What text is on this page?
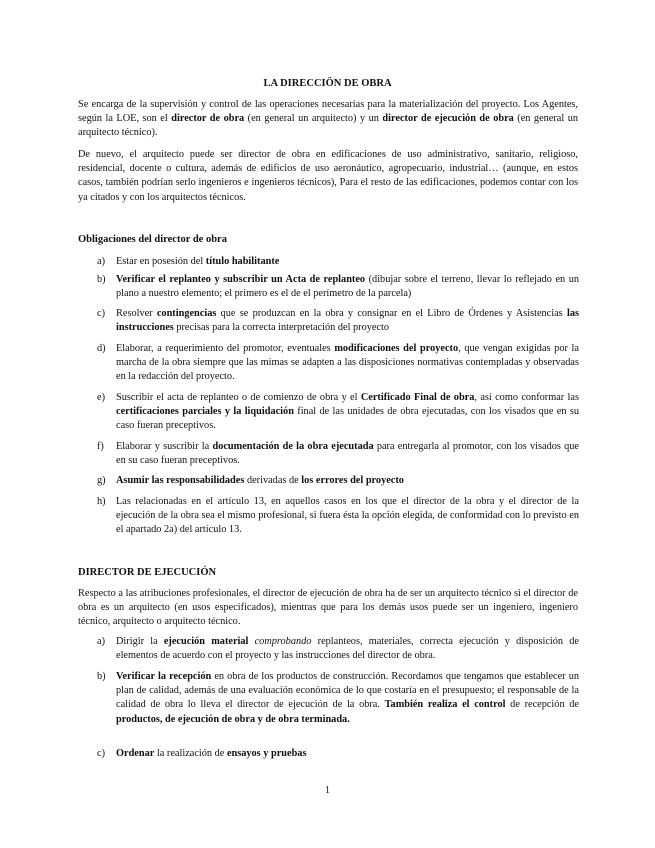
LA DIRECCIÖN DE OBRA

Se encarga de la supervisión y control de las operaciones necesarias para la materialización del proyecto. Los Agentes, según la LOE, son el director de obra (en general un arquitecto) y un director de ejecución de obra (en general un arquitecto técnico).

De nuevo, el arquitecto puede ser director de obra en edificaciones de uso administrativo, sanitario, religioso, residencial, docente o cultura, además de edificios de uso aeronáutico, agropecuario, industrial… (aunque, en estos casos, también podrían serlo ingenieros e ingenieros técnicos), Para el resto de las edificaciones, podemos contar con los ya citados y con los arquitectos técnicos.

Obligaciones del director de obra
a)	Estar en posesión del título habilitante
b)	Verificar el replanteo y subscribir un Acta de replanteo (dibujar sobre el terreno, llevar lo reflejado en un plano a nuestro elemento; el primero es el de el perímetro de la parcela)
c)	Resolver contingencias que se produzcan en la obra y consignar en el Libro de Órdenes y Asistencias las instrucciones precisas para la correcta interpretación del proyecto
d)	Elaborar, a requerimiento del promotor, eventuales modificaciones del proyecto, que vengan exigidas por la marcha de la obra siempre que las mimas se adapten a las disposiciones normativas contempladas y observadas en la redacción del proyecto.
e)	Suscribir el acta de replanteo o de comienzo de obra y el Certificado Final de obra, así como conformar las certificaciones parciales y la liquidación final de las unidades de obra ejecutadas, con los visados que en su caso fueran preceptivos.
f)	Elaborar y suscribir la documentación de la obra ejecutada para entregarla al promotor, con los visados que en su caso fueran preceptivos.
g)	Asumir las responsabilidades derivadas de los errores del proyecto
h)	Las relacionadas en el artículo 13, en aquellos casos en los que el director de la obra y el director de la ejecución de la obra sea el mismo profesional, si fuera ésta la opción elegida, de conformidad con lo previsto en el apartado 2a) del artículo 13.
DIRECTOR DE EJECUCIÓN

Respecto a las atribuciones profesionales, el director de ejecución de obra ha de ser un arquitecto técnico si el director de obra es un arquitecto (en usos especificados), mientras que para los demás usos puede ser un ingeniero, ingeniero técnico, arquitecto o arquitecto técnico.

a)	Dirigir la ejecución material comprobando replanteos, materiales, correcta ejecución y disposición de elementos de acuerdo con el proyecto y las instrucciones del director de obra.
b)	Verificar la recepción en obra de los productos de construcción. Recordamos que tengamos que establecer un plan de calidad, además de una evaluación económica de lo que costaría en el presupuesto; el responsable de la calidad de obra lo lleva el director de ejecución de la obra. También realiza el control de recepción de productos, de ejecución de obra y de obra terminada.
c)	Ordenar la realización de ensayos y pruebas
1
